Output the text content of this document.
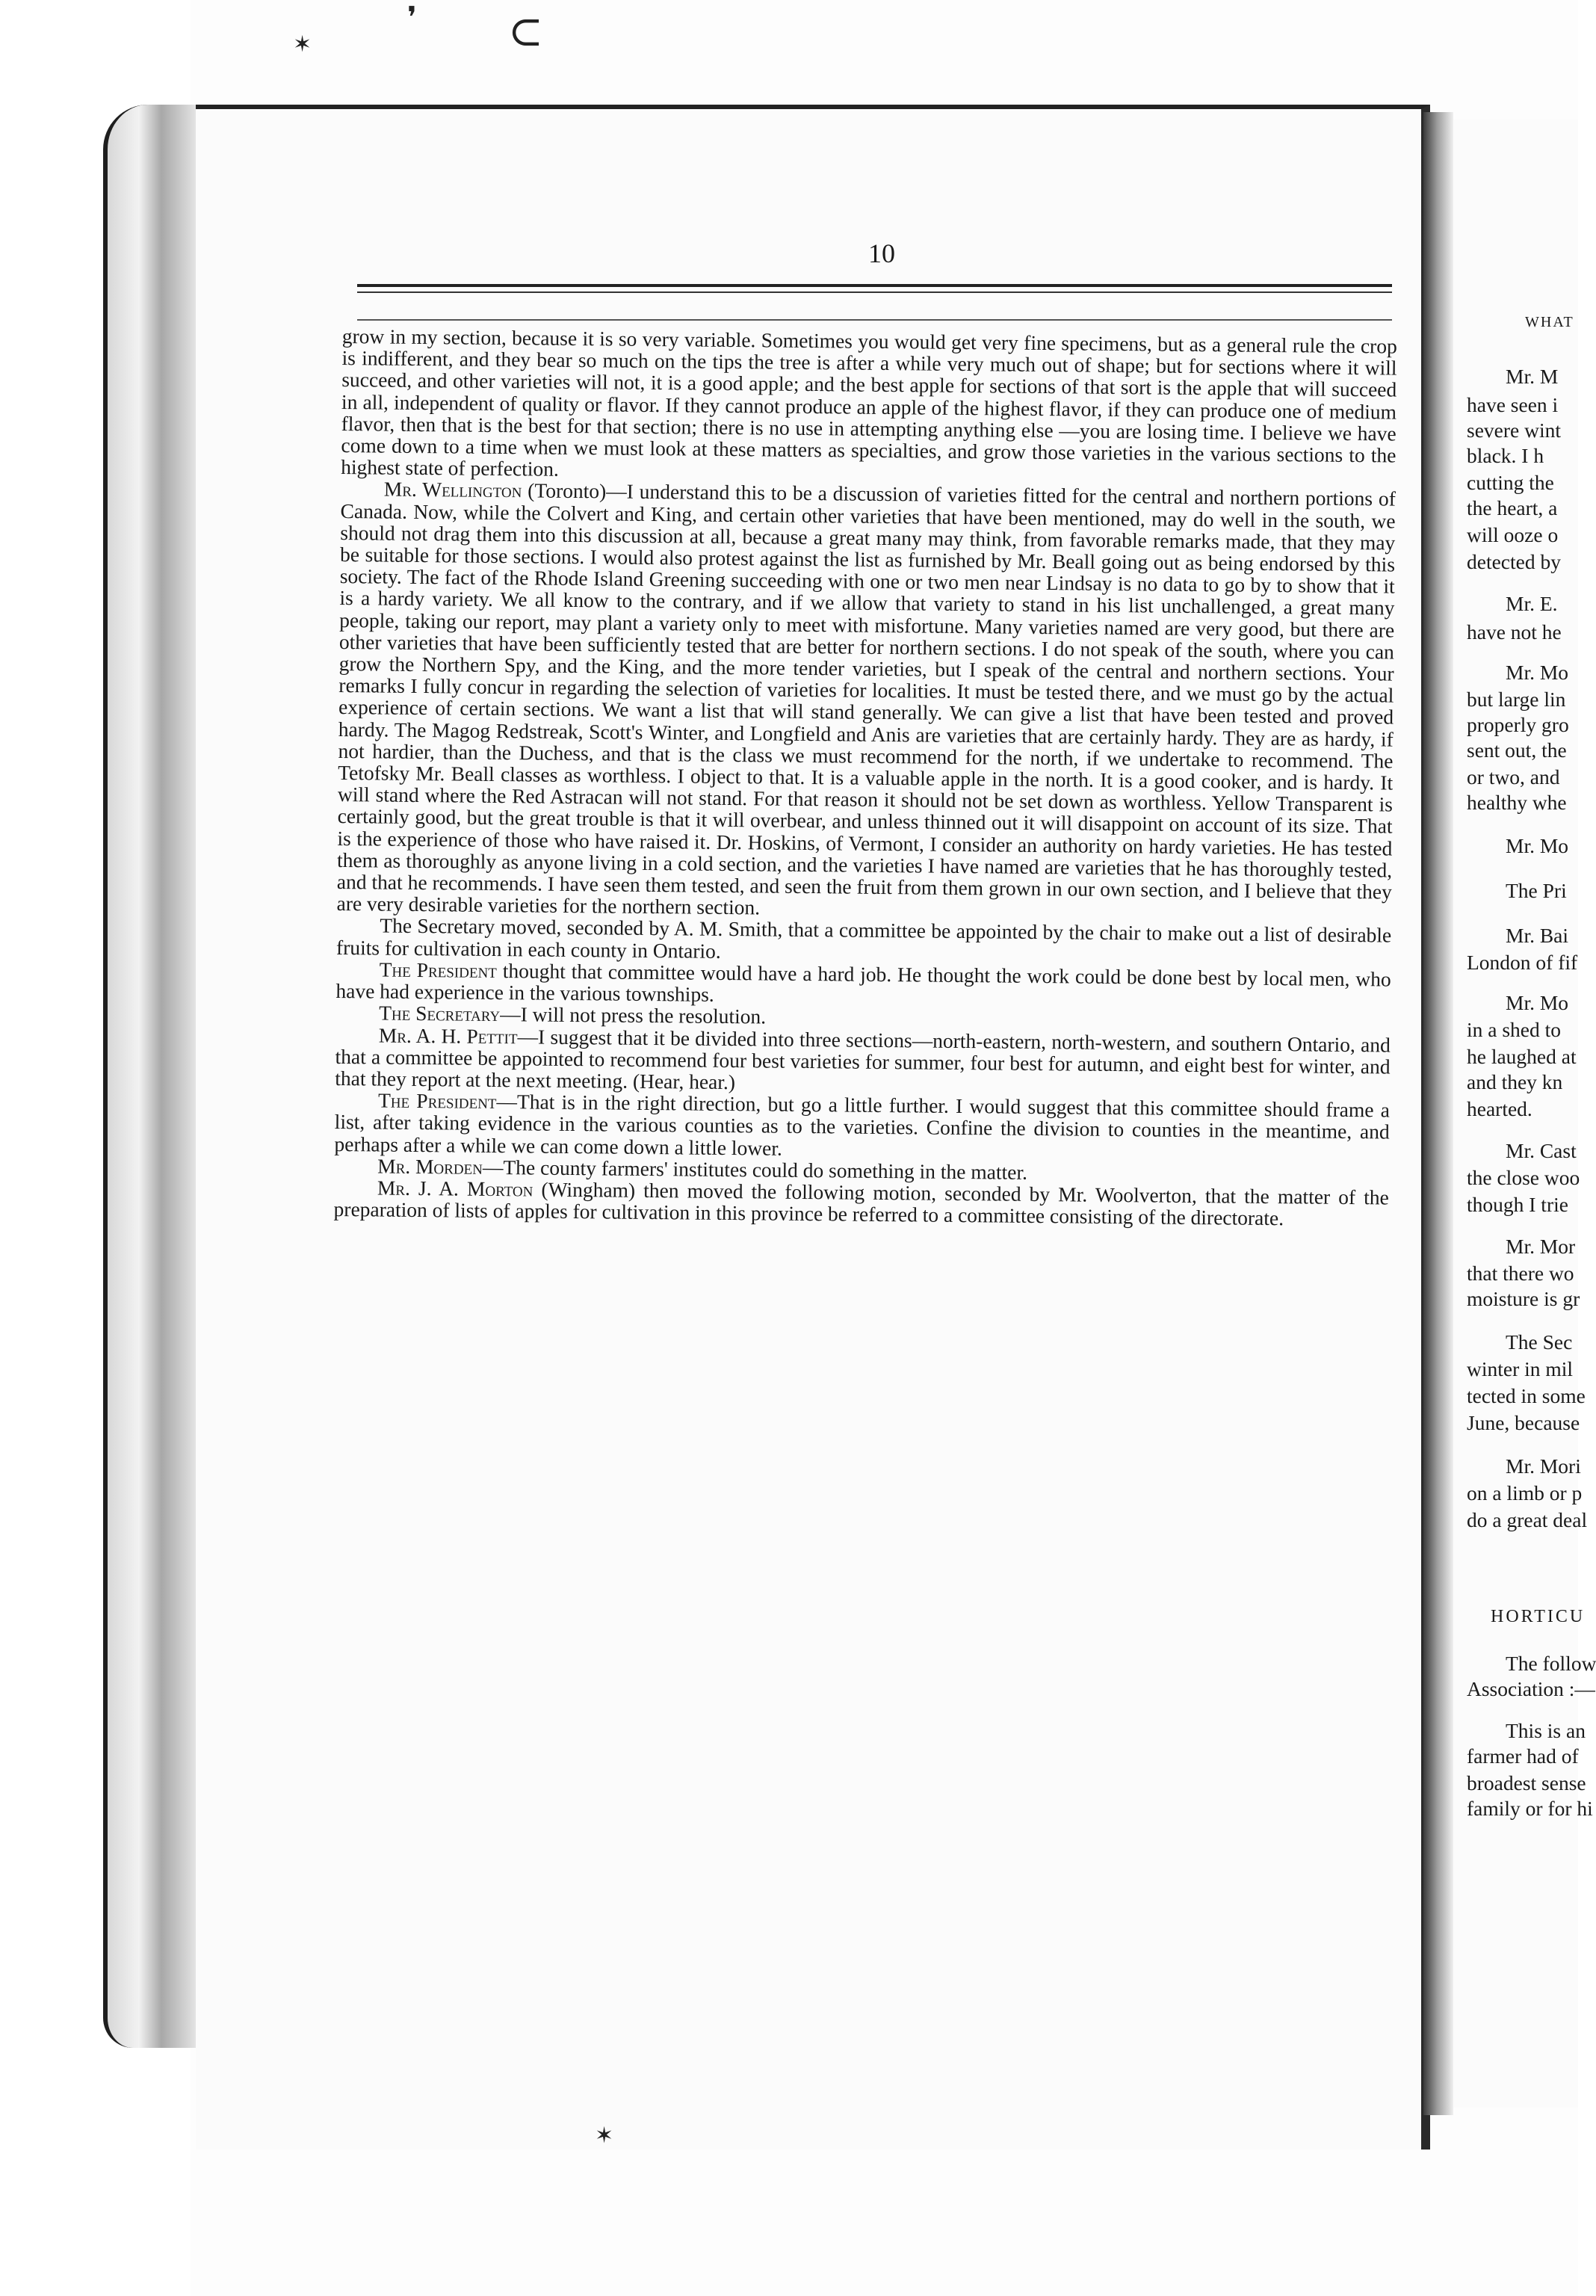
❜ ⊂
✶
✶
10

grow in my section, because it is so very variable. Sometimes you would get very fine specimens, but as a general rule the crop is indifferent, and they bear so much on the tips the tree is after a while very much out of shape; but for sections where it will succeed, and other varieties will not, it is a good apple; and the best apple for sections of that sort is the apple that will succeed in all, independent of quality or flavor. If they cannot produce an apple of the highest flavor, if they can produce one of medium flavor, then that is the best for that section; there is no use in attempting anything else —you are losing time. I believe we have come down to a time when we must look at these matters as specialties, and grow those varieties in the various sections to the highest state of perfection.

Mr. Wellington (Toronto)—I understand this to be a discussion of varieties fitted for the central and northern portions of Canada. Now, while the Colvert and King, and certain other varieties that have been mentioned, may do well in the south, we should not drag them into this discussion at all, because a great many may think, from favorable remarks made, that they may be suitable for those sections. I would also protest against the list as furnished by Mr. Beall going out as being endorsed by this society. The fact of the Rhode Island Greening succeeding with one or two men near Lindsay is no data to go by to show that it is a hardy variety. We all know to the contrary, and if we allow that variety to stand in his list unchallenged, a great many people, taking our report, may plant a variety only to meet with misfortune. Many varieties named are very good, but there are other varieties that have been sufficiently tested that are better for northern sections. I do not speak of the south, where you can grow the Northern Spy, and the King, and the more tender varieties, but I speak of the central and northern sections. Your remarks I fully concur in regarding the selection of varieties for localities. It must be tested there, and we must go by the actual experience of certain sections. We want a list that will stand generally. We can give a list that have been tested and proved hardy. The Magog Redstreak, Scott's Winter, and Longfield and Anis are varieties that are certainly hardy. They are as hardy, if not hardier, than the Duchess, and that is the class we must recommend for the north, if we undertake to recommend. The Tetofsky Mr. Beall classes as worthless. I object to that. It is a valuable apple in the north. It is a good cooker, and is hardy. It will stand where the Red Astracan will not stand. For that reason it should not be set down as worthless. Yellow Transparent is certainly good, but the great trouble is that it will overbear, and unless thinned out it will disappoint on account of its size. That is the experience of those who have raised it. Dr. Hoskins, of Vermont, I consider an authority on hardy varieties. He has tested them as thoroughly as anyone living in a cold section, and the varieties I have named are varieties that he has thoroughly tested, and that he recommends. I have seen them tested, and seen the fruit from them grown in our own section, and I believe that they are very desirable varieties for the northern section.

The Secretary moved, seconded by A. M. Smith, that a committee be appointed by the chair to make out a list of desirable fruits for cultivation in each county in Ontario.

The President thought that committee would have a hard job. He thought the work could be done best by local men, who have had experience in the various townships.

The Secretary—I will not press the resolution.

Mr. A. H. Pettit—I suggest that it be divided into three sections—north-eastern, north-western, and southern Ontario, and that a committee be appointed to recommend four best varieties for summer, four best for autumn, and eight best for winter, and that they report at the next meeting. (Hear, hear.)

The President—That is in the right direction, but go a little further. I would suggest that this committee should frame a list, after taking evidence in the various counties as to the varieties. Confine the division to counties in the meantime, and perhaps after a while we can come down a little lower.

Mr. Morden—The county farmers' institutes could do something in the matter.

Mr. J. A. Morton (Wingham) then moved the following motion, seconded by Mr. Woolverton, that the matter of the preparation of lists of apples for cultivation in this province be referred to a committee consisting of the directorate.

WHAT
Mr. M
have seen i
severe wint
black. I h
cutting the
the heart, a
will ooze o
detected by
Mr. E.
have not he
Mr. Mo
but large lin
properly gro
sent out, the
or two, and
healthy whe
Mr. Mo
The Pri
Mr. Bai
London of fif
Mr. Mo
in a shed to
he laughed at
and they kn
hearted.
Mr. Cast
the close woo
though I trie
Mr. Mor
that there wo
moisture is gr
The Sec
winter in mil
tected in some
June, because
Mr. Mori
on a limb or p
do a great deal
HORTICU
The follow
Association :—
This is an
farmer had of
broadest sense
family or for hi
